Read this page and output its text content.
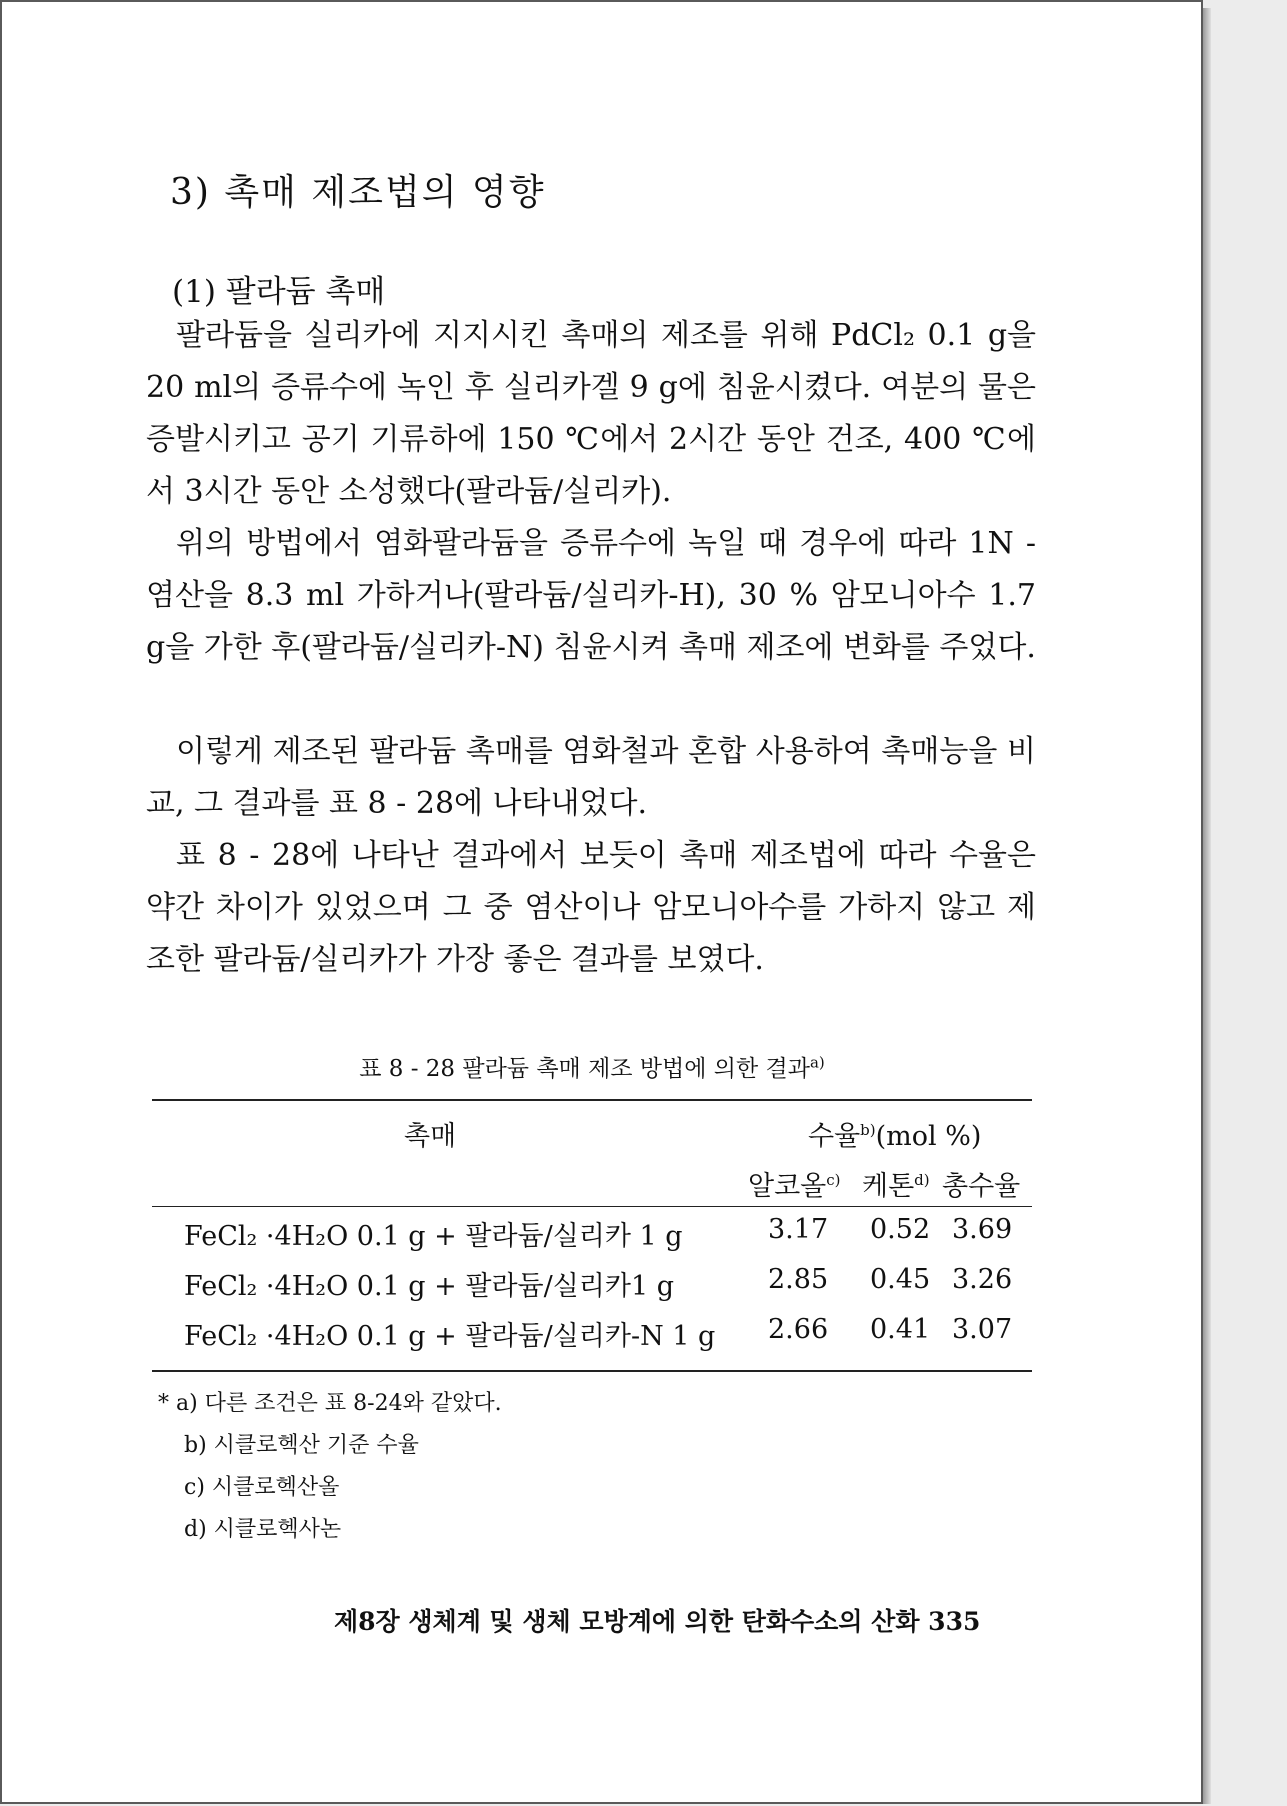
3) 촉매 제조법의 영향
(1) 팔라듐 촉매

팔라듐을 실리카에 지지시킨 촉매의 제조를 위해 PdCl₂ 0.1 g을 20 ml의 증류수에 녹인 후 실리카겔 9 g에 침윤시켰다. 여분의 물은 증발시키고 공기 기류하에 150 ℃에서 2시간 동안 건조, 400 ℃에서 3시간 동안 소성했다(팔라듐/실리카).

위의 방법에서 염화팔라듐을 증류수에 녹일 때 경우에 따라 1N - 염산을 8.3 ml 가하거나(팔라듐/실리카-H), 30 % 암모니아수 1.7 g을 가한 후(팔라듐/실리카-N) 침윤시켜 촉매 제조에 변화를 주었다.

이렇게 제조된 팔라듐 촉매를 염화철과 혼합 사용하여 촉매능을 비교, 그 결과를 표 8 - 28에 나타내었다.

표 8 - 28에 나타난 결과에서 보듯이 촉매 제조법에 따라 수율은 약간 차이가 있었으며 그 중 염산이나 암모니아수를 가하지 않고 제조한 팔라듐/실리카가 가장 좋은 결과를 보였다.

표 8 - 28 팔라듐 촉매 제조 방법에 의한 결과$^{a)}$

촉매	수율$^{b)}$(mol %)
알코올$^{c)}$ 케톤$^{d)}$ 총수율
FeCl₂ ·4H₂O 0.1 g + 팔라듐/실리카 1 g	3.17 0.52 3.69
FeCl₂ ·4H₂O 0.1 g + 팔라듐/실리카1 g	2.85 0.45 3.26
FeCl₂ ·4H₂O 0.1 g + 팔라듐/실리카-N 1 g 2.66 0.41 3.07

* a) 다른 조건은 표 8-24와 같았다.

b) 시클로헥산 기준 수율

c) 시클로헥산올

d) 시클로헥사논

제8장 생체계 및 생체 모방계에 의한 탄화수소의 산화 335
